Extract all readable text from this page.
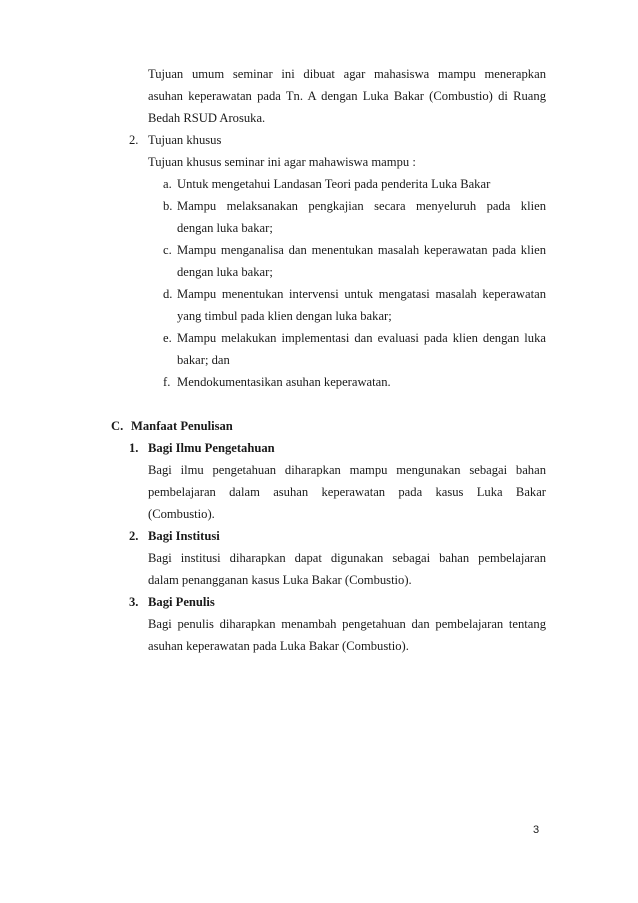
Tujuan umum seminar ini dibuat agar mahasiswa mampu menerapkan
asuhan keperawatan pada Tn. A dengan Luka Bakar (Combustio) di Ruang
Bedah RSUD Arosuka.
2. Tujuan khusus
Tujuan khusus seminar ini agar mahawiswa mampu :
a. Untuk mengetahui Landasan Teori pada penderita Luka Bakar
b. Mampu melaksanakan pengkajian secara menyeluruh pada klien
dengan luka bakar;
c. Mampu menganalisa dan menentukan masalah keperawatan pada klien
dengan luka bakar;
d. Mampu menentukan intervensi untuk mengatasi masalah keperawatan
yang timbul pada klien dengan luka bakar;
e. Mampu melakukan implementasi dan evaluasi pada klien dengan luka
bakar; dan
f. Mendokumentasikan asuhan keperawatan.
C. Manfaat Penulisan
1. Bagi Ilmu Pengetahuan
Bagi ilmu pengetahuan diharapkan mampu mengunakan sebagai bahan
pembelajaran dalam asuhan keperawatan pada kasus Luka Bakar
(Combustio).
2. Bagi Institusi
Bagi institusi diharapkan dapat digunakan sebagai bahan pembelajaran
dalam penangganan kasus Luka Bakar (Combustio).
3. Bagi Penulis
Bagi penulis diharapkan menambah pengetahuan dan pembelajaran tentang
asuhan keperawatan pada Luka Bakar (Combustio).
3
